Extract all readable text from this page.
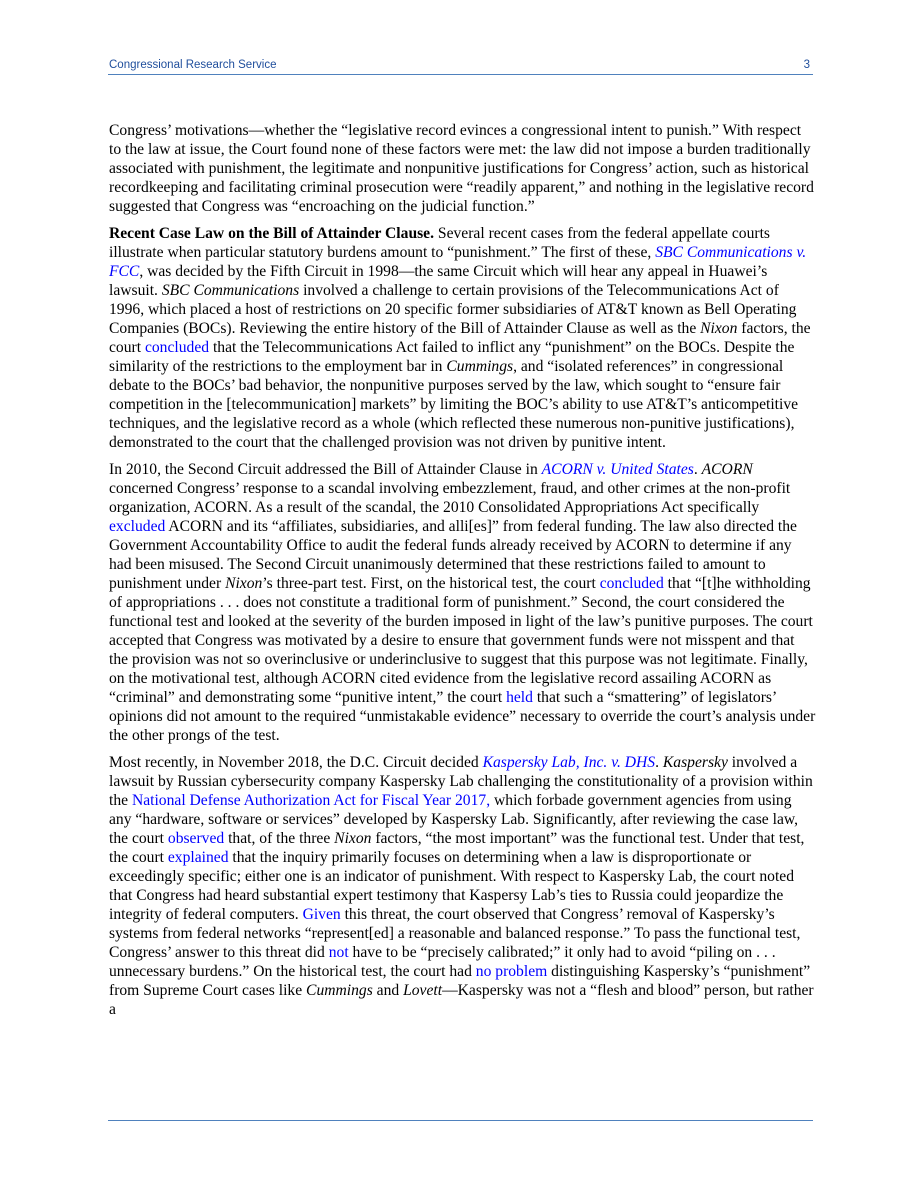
Congressional Research Service	3

Congress’ motivations—whether the “legislative record evinces a congressional intent to punish.” With respect to the law at issue, the Court found none of these factors were met: the law did not impose a burden traditionally associated with punishment, the legitimate and nonpunitive justifications for Congress’ action, such as historical recordkeeping and facilitating criminal prosecution were “readily apparent,” and nothing in the legislative record suggested that Congress was “encroaching on the judicial function.”

Recent Case Law on the Bill of Attainder Clause. Several recent cases from the federal appellate courts illustrate when particular statutory burdens amount to “punishment.” The first of these, SBC Communications v. FCC, was decided by the Fifth Circuit in 1998—the same Circuit which will hear any appeal in Huawei’s lawsuit. SBC Communications involved a challenge to certain provisions of the Telecommunications Act of 1996, which placed a host of restrictions on 20 specific former subsidiaries of AT&T known as Bell Operating Companies (BOCs). Reviewing the entire history of the Bill of Attainder Clause as well as the Nixon factors, the court concluded that the Telecommunications Act failed to inflict any “punishment” on the BOCs. Despite the similarity of the restrictions to the employment bar in Cummings, and “isolated references” in congressional debate to the BOCs’ bad behavior, the nonpunitive purposes served by the law, which sought to “ensure fair competition in the [telecommunication] markets” by limiting the BOC’s ability to use AT&T’s anticompetitive techniques, and the legislative record as a whole (which reflected these numerous non-punitive justifications), demonstrated to the court that the challenged provision was not driven by punitive intent.

In 2010, the Second Circuit addressed the Bill of Attainder Clause in ACORN v. United States. ACORN concerned Congress’ response to a scandal involving embezzlement, fraud, and other crimes at the non-profit organization, ACORN. As a result of the scandal, the 2010 Consolidated Appropriations Act specifically excluded ACORN and its “affiliates, subsidiaries, and alli[es]” from federal funding. The law also directed the Government Accountability Office to audit the federal funds already received by ACORN to determine if any had been misused. The Second Circuit unanimously determined that these restrictions failed to amount to punishment under Nixon’s three-part test. First, on the historical test, the court concluded that “[t]he withholding of appropriations . . . does not constitute a traditional form of punishment.” Second, the court considered the functional test and looked at the severity of the burden imposed in light of the law’s punitive purposes. The court accepted that Congress was motivated by a desire to ensure that government funds were not misspent and that the provision was not so overinclusive or underinclusive to suggest that this purpose was not legitimate. Finally, on the motivational test, although ACORN cited evidence from the legislative record assailing ACORN as “criminal” and demonstrating some “punitive intent,” the court held that such a “smattering” of legislators’ opinions did not amount to the required “unmistakable evidence” necessary to override the court’s analysis under the other prongs of the test.

Most recently, in November 2018, the D.C. Circuit decided Kaspersky Lab, Inc. v. DHS. Kaspersky involved a lawsuit by Russian cybersecurity company Kaspersky Lab challenging the constitutionality of a provision within the National Defense Authorization Act for Fiscal Year 2017, which forbade government agencies from using any “hardware, software or services” developed by Kaspersky Lab. Significantly, after reviewing the case law, the court observed that, of the three Nixon factors, “the most important” was the functional test. Under that test, the court explained that the inquiry primarily focuses on determining when a law is disproportionate or exceedingly specific; either one is an indicator of punishment. With respect to Kaspersky Lab, the court noted that Congress had heard substantial expert testimony that Kaspersy Lab’s ties to Russia could jeopardize the integrity of federal computers. Given this threat, the court observed that Congress’ removal of Kaspersky’s systems from federal networks “represent[ed] a reasonable and balanced response.” To pass the functional test, Congress’ answer to this threat did not have to be “precisely calibrated;” it only had to avoid “piling on . . . unnecessary burdens.” On the historical test, the court had no problem distinguishing Kaspersky’s “punishment” from Supreme Court cases like Cummings and Lovett—Kaspersky was not a “flesh and blood” person, but rather a
